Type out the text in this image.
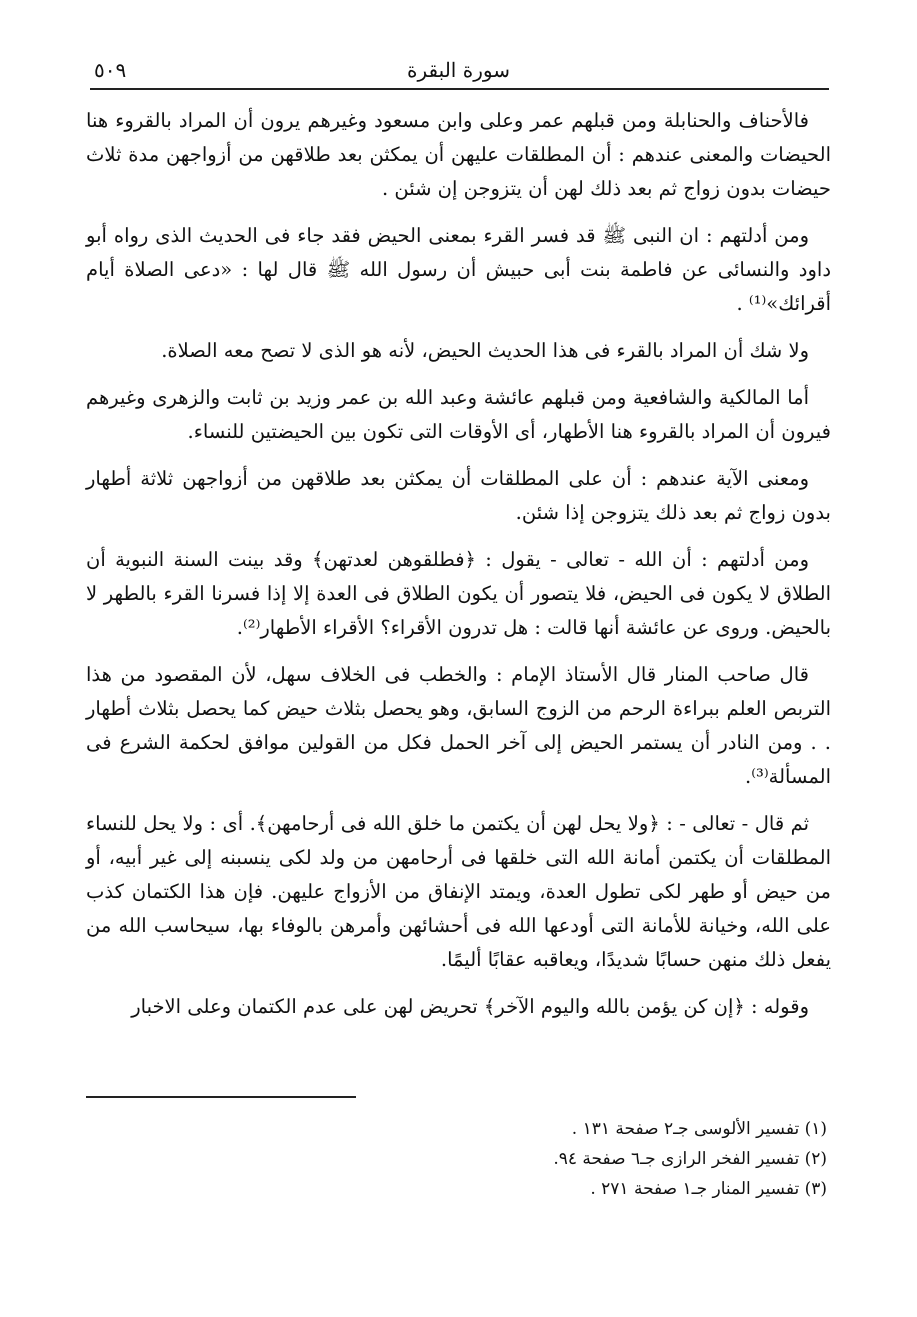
سورة البقرة
٥٠٩

فالأحناف والحنابلة ومن قبلهم عمر وعلى وابن مسعود وغيرهم يرون أن المراد بالقروء هنا الحيضات والمعنى عندهم : أن المطلقات عليهن أن يمكثن بعد طلاقهن من أزواجهن مدة ثلاث حيضات بدون زواج ثم بعد ذلك لهن أن يتزوجن إن شئن .

ومن أدلتهم : ان النبى ﷺ قد فسر القرء بمعنى الحيض فقد جاء فى الحديث الذى رواه أبو داود والنسائى عن فاطمة بنت أبى حبيش أن رسول الله ﷺ قال لها : «دعى الصلاة أيام أقرائك»⁽¹⁾ .

ولا شك أن المراد بالقرء فى هذا الحديث الحيض، لأنه هو الذى لا تصح معه الصلاة.

أما المالكية والشافعية ومن قبلهم عائشة وعبد الله بن عمر وزيد بن ثابت والزهرى وغيرهم فيرون أن المراد بالقروء هنا الأطهار، أى الأوقات التى تكون بين الحيضتين للنساء.

ومعنى الآية عندهم : أن على المطلقات أن يمكثن بعد طلاقهن من أزواجهن ثلاثة أطهار بدون زواج ثم بعد ذلك يتزوجن إذا شئن.

ومن أدلتهم : أن الله - تعالى - يقول : ﴿فطلقوهن لعدتهن﴾ وقد بينت السنة النبوية أن الطلاق لا يكون فى الحيض، فلا يتصور أن يكون الطلاق فى العدة إلا إذا فسرنا القرء بالطهر لا بالحيض. وروى عن عائشة أنها قالت : هل تدرون الأقراء؟ الأقراء الأطهار⁽²⁾.

قال صاحب المنار قال الأستاذ الإمام : والخطب فى الخلاف سهل، لأن المقصود من هذا التربص العلم ببراءة الرحم من الزوج السابق، وهو يحصل بثلاث حيض كما يحصل بثلاث أطهار . . ومن النادر أن يستمر الحيض إلى آخر الحمل فكل من القولين موافق لحكمة الشرع فى المسألة⁽³⁾.

ثم قال - تعالى - : ﴿ولا يحل لهن أن يكتمن ما خلق الله فى أرحامهن﴾. أى : ولا يحل للنساء المطلقات أن يكتمن أمانة الله التى خلقها فى أرحامهن من ولد لكى ينسبنه إلى غير أبيه، أو من حيض أو طهر لكى تطول العدة، ويمتد الإنفاق من الأزواج عليهن. فإن هذا الكتمان كذب على الله، وخيانة للأمانة التى أودعها الله فى أحشائهن وأمرهن بالوفاء بها، سيحاسب الله من يفعل ذلك منهن حسابًا شديدًا، ويعاقبه عقابًا أليمًا.

وقوله : ﴿إن كن يؤمن بالله واليوم الآخر﴾ تحريض لهن على عدم الكتمان وعلى الاخبار

(١) تفسير الألوسى جـ٢ صفحة ١٣١ .
(٢) تفسير الفخر الرازى جـ٦ صفحة ٩٤.
(٣) تفسير المنار جـ١ صفحة ٢٧١ .
